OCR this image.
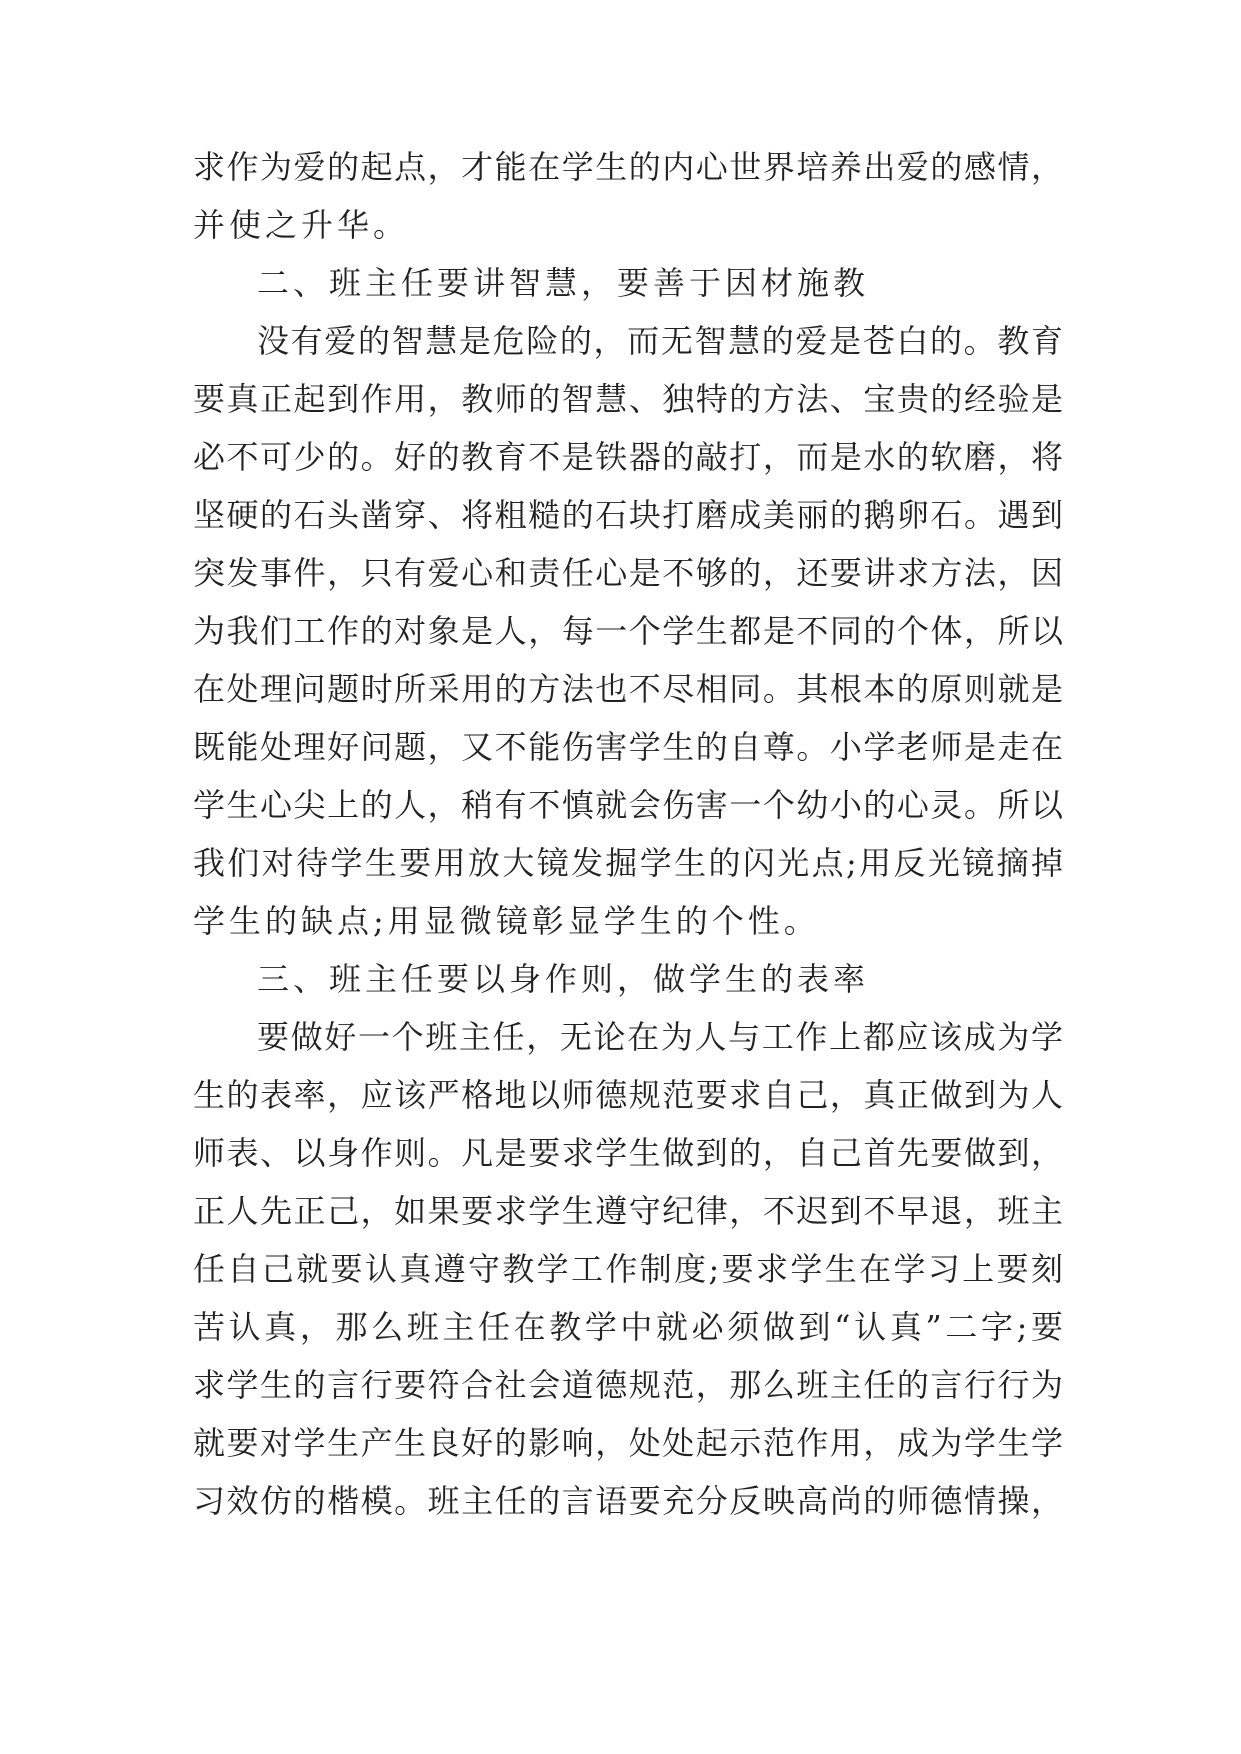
求作为爱的起点，才能在学生的内心世界培养出爱的感情，
并使之升华。
二、班主任要讲智慧，要善于因材施教
没有爱的智慧是危险的，而无智慧的爱是苍白的。教育
要真正起到作用，教师的智慧、独特的方法、宝贵的经验是
必不可少的。好的教育不是铁器的敲打，而是水的软磨，将
坚硬的石头凿穿、将粗糙的石块打磨成美丽的鹅卵石。遇到
突发事件，只有爱心和责任心是不够的，还要讲求方法，因
为我们工作的对象是人，每一个学生都是不同的个体，所以
在处理问题时所采用的方法也不尽相同。其根本的原则就是
既能处理好问题，又不能伤害学生的自尊。小学老师是走在
学生心尖上的人，稍有不慎就会伤害一个幼小的心灵。所以
我们对待学生要用放大镜发掘学生的闪光点;用反光镜摘掉
学生的缺点;用显微镜彰显学生的个性。
三、班主任要以身作则，做学生的表率
要做好一个班主任，无论在为人与工作上都应该成为学
生的表率，应该严格地以师德规范要求自己，真正做到为人
师表、以身作则。凡是要求学生做到的，自己首先要做到，
正人先正己，如果要求学生遵守纪律，不迟到不早退，班主
任自己就要认真遵守教学工作制度;要求学生在学习上要刻
苦认真，那么班主任在教学中就必须做到“认真”二字;要
求学生的言行要符合社会道德规范，那么班主任的言行行为
就要对学生产生良好的影响，处处起示范作用，成为学生学
习效仿的楷模。班主任的言语要充分反映高尚的师德情操，
